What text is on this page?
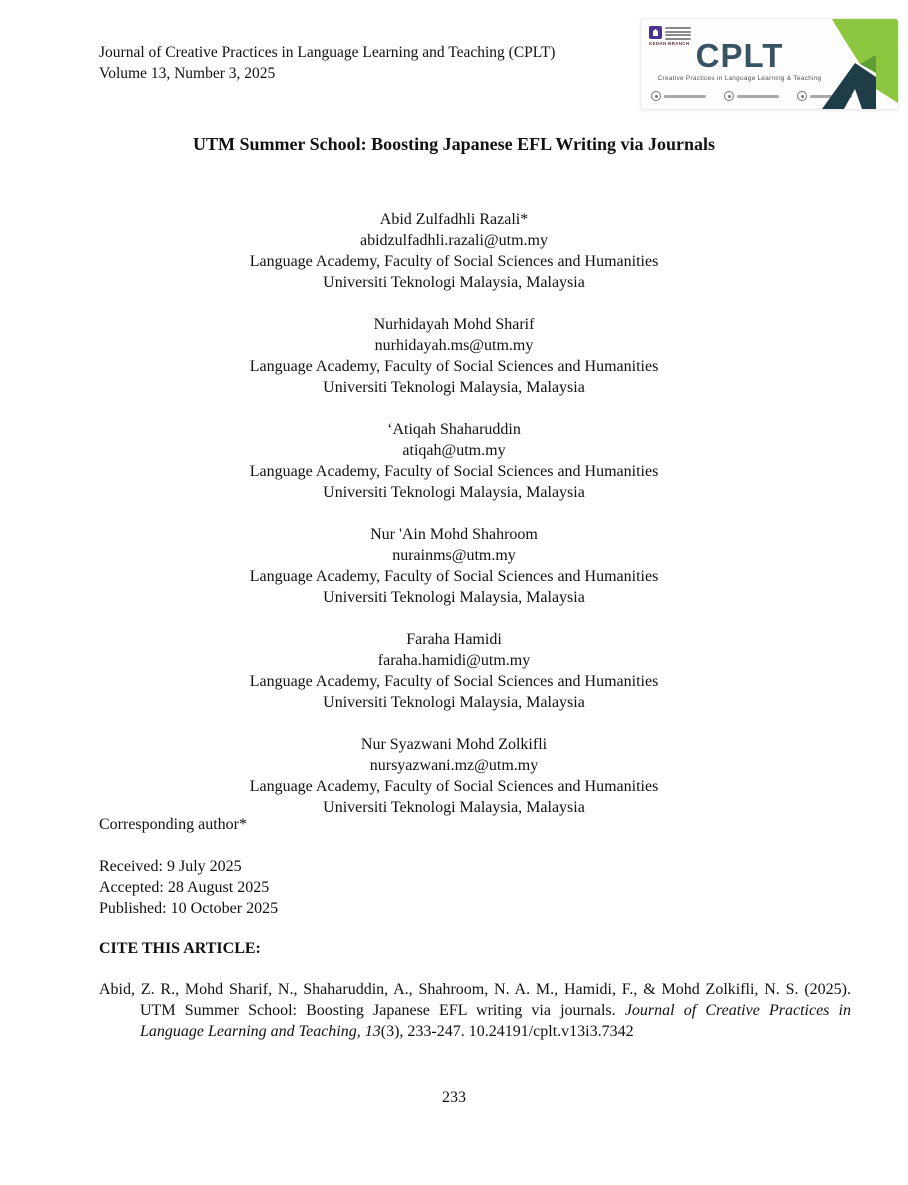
Journal of Creative Practices in Language Learning and Teaching (CPLT)
Volume 13, Number 3, 2025
KEDAH BRANCH CPLT
Creative Practices in Language Learning & Teaching
UTM Summer School: Boosting Japanese EFL Writing via Journals
Abid Zulfadhli Razali*
abidzulfadhli.razali@utm.my
Language Academy, Faculty of Social Sciences and Humanities
Universiti Teknologi Malaysia, Malaysia
Nurhidayah Mohd Sharif
nurhidayah.ms@utm.my
Language Academy, Faculty of Social Sciences and Humanities
Universiti Teknologi Malaysia, Malaysia
‘Atiqah Shaharuddin
atiqah@utm.my
Language Academy, Faculty of Social Sciences and Humanities
Universiti Teknologi Malaysia, Malaysia
Nur 'Ain Mohd Shahroom
nurainms@utm.my
Language Academy, Faculty of Social Sciences and Humanities
Universiti Teknologi Malaysia, Malaysia
Faraha Hamidi
faraha.hamidi@utm.my
Language Academy, Faculty of Social Sciences and Humanities
Universiti Teknologi Malaysia, Malaysia
Nur Syazwani Mohd Zolkifli
nursyazwani.mz@utm.my
Language Academy, Faculty of Social Sciences and Humanities
Universiti Teknologi Malaysia, Malaysia
Corresponding author*
Received: 9 July 2025
Accepted: 28 August 2025
Published: 10 October 2025
CITE THIS ARTICLE:
Abid, Z. R., Mohd Sharif, N., Shaharuddin, A., Shahroom, N. A. M., Hamidi, F., & Mohd Zolkifli, N. S. (2025). UTM Summer School: Boosting Japanese EFL writing via journals. Journal of Creative Practices in Language Learning and Teaching, 13(3), 233-247. 10.24191/cplt.v13i3.7342
233
